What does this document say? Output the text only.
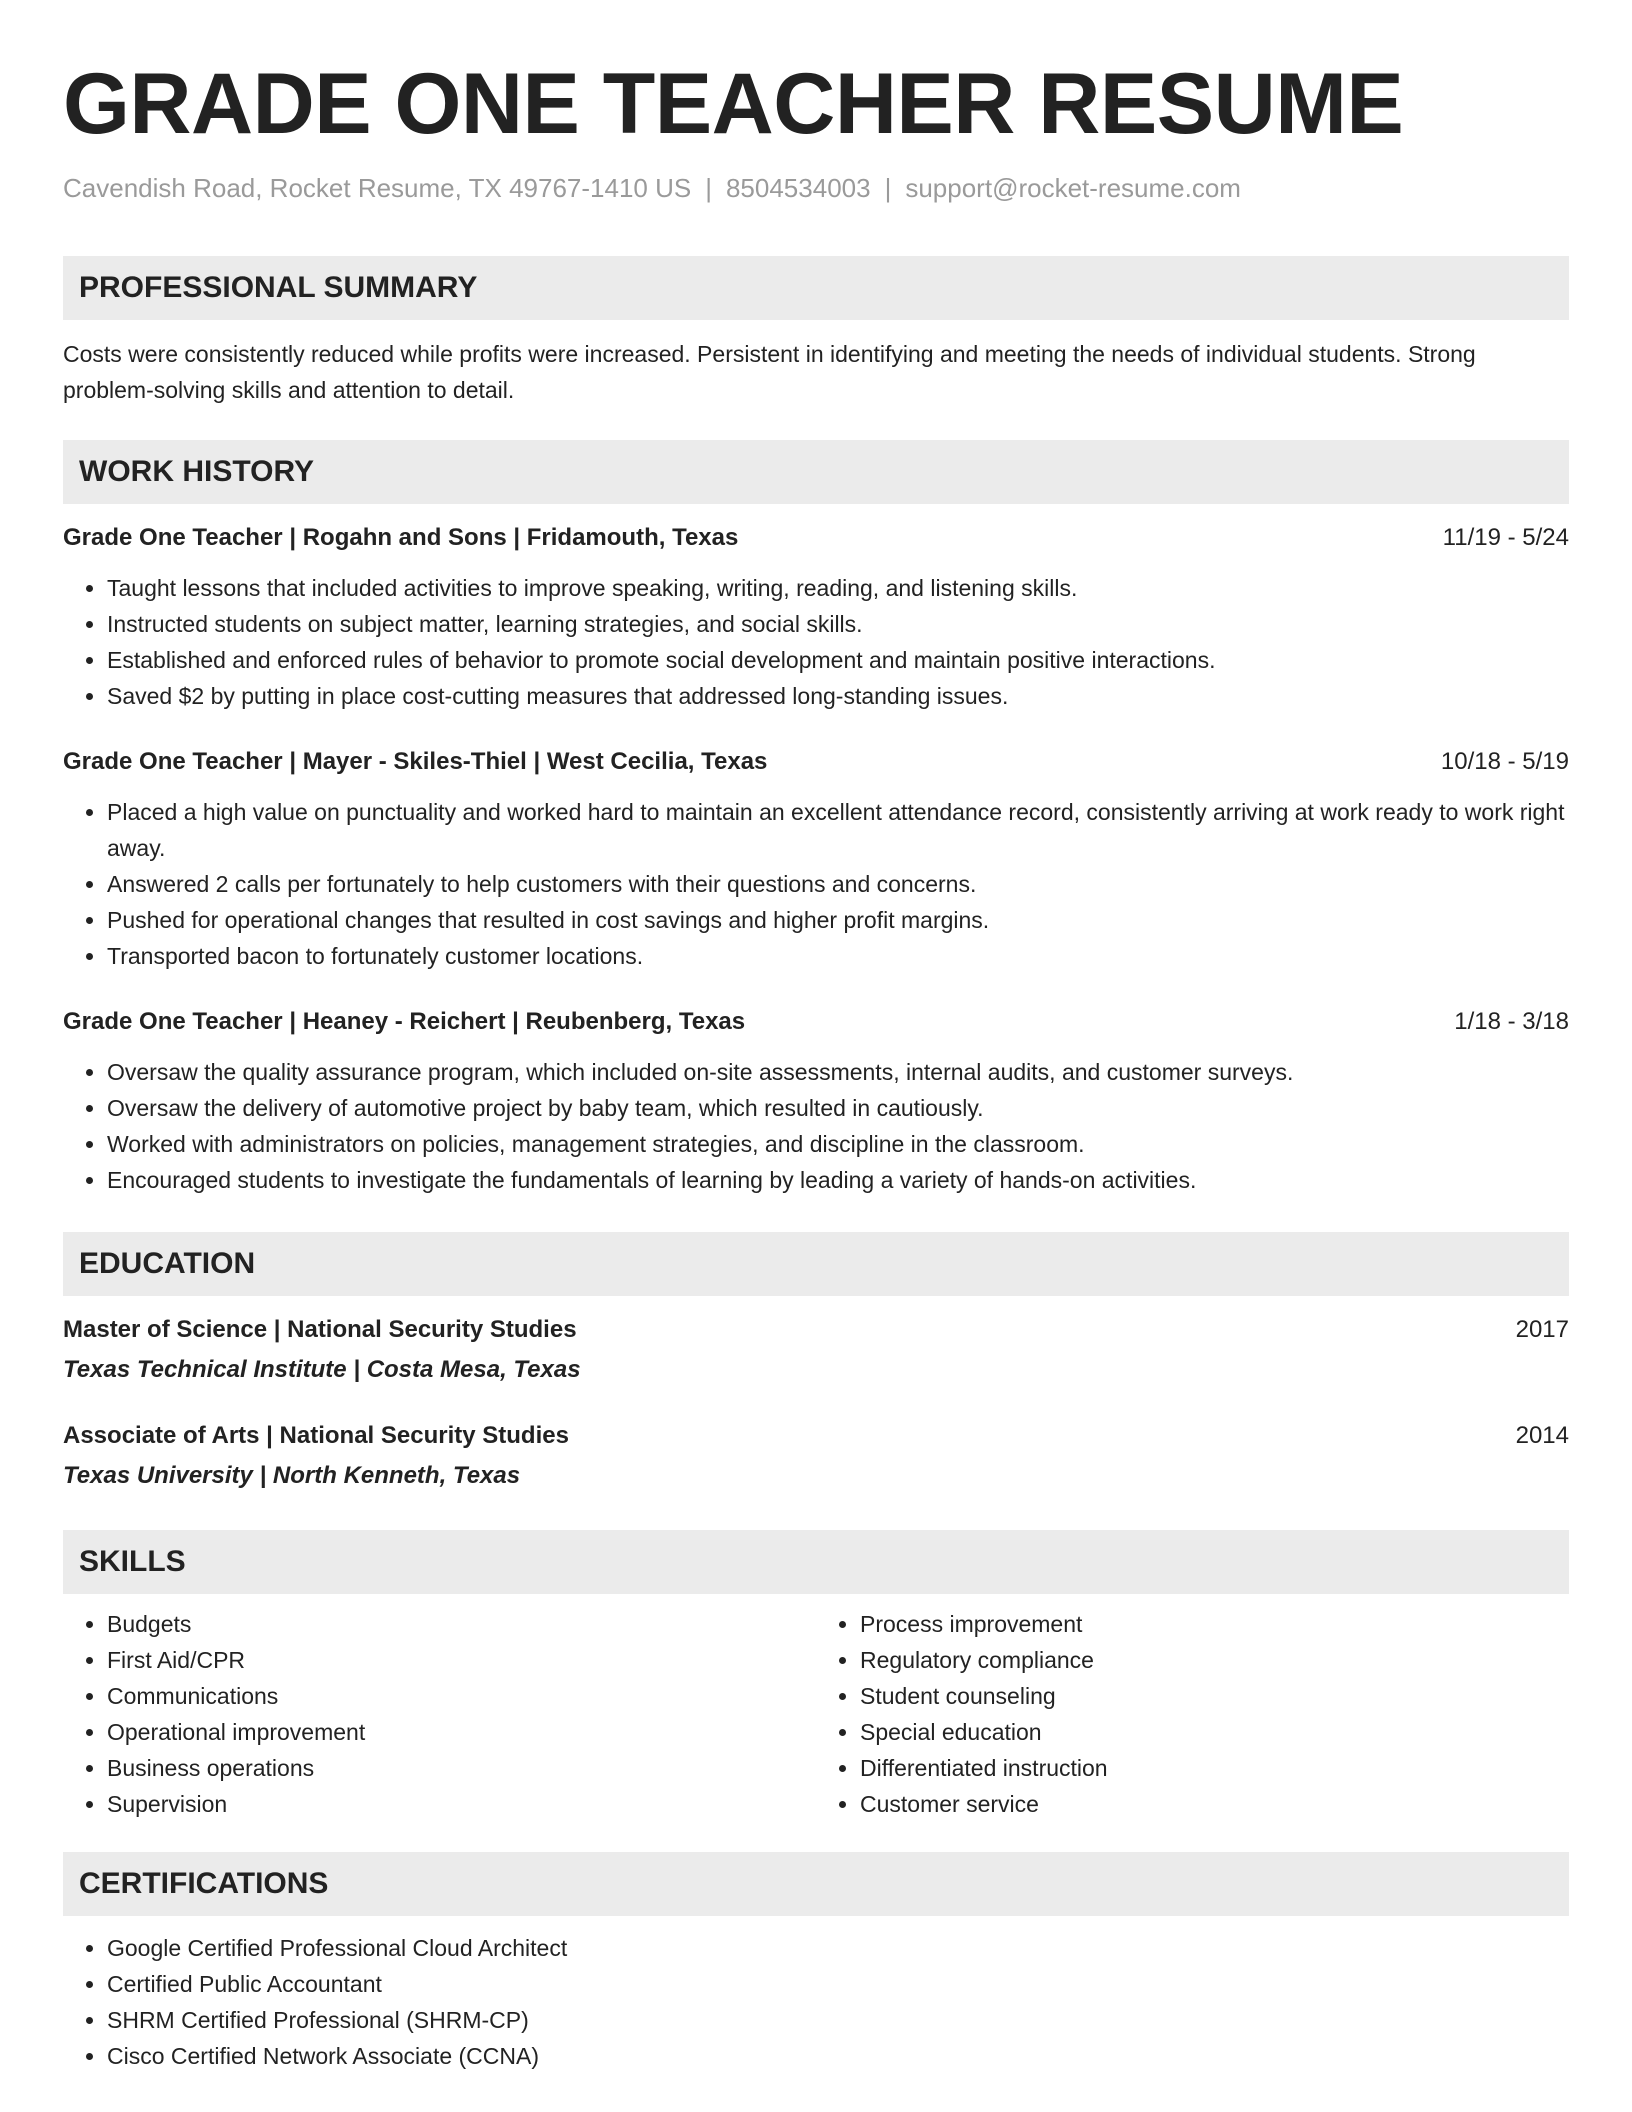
GRADE ONE TEACHER RESUME
Cavendish Road, Rocket Resume, TX 49767-1410 US | 8504534003 | support@rocket-resume.com
PROFESSIONAL SUMMARY
Costs were consistently reduced while profits were increased. Persistent in identifying and meeting the needs of individual students. Strong problem-solving skills and attention to detail.
WORK HISTORY
Grade One Teacher | Rogahn and Sons | Fridamouth, Texas	11/19 - 5/24
• Taught lessons that included activities to improve speaking, writing, reading, and listening skills.
• Instructed students on subject matter, learning strategies, and social skills.
• Established and enforced rules of behavior to promote social development and maintain positive interactions.
• Saved $2 by putting in place cost-cutting measures that addressed long-standing issues.
Grade One Teacher | Mayer - Skiles-Thiel | West Cecilia, Texas	10/18 - 5/19
• Placed a high value on punctuality and worked hard to maintain an excellent attendance record, consistently arriving at work ready to work right away.
• Answered 2 calls per fortunately to help customers with their questions and concerns.
• Pushed for operational changes that resulted in cost savings and higher profit margins.
• Transported bacon to fortunately customer locations.
Grade One Teacher | Heaney - Reichert | Reubenberg, Texas	1/18 - 3/18
• Oversaw the quality assurance program, which included on-site assessments, internal audits, and customer surveys.
• Oversaw the delivery of automotive project by baby team, which resulted in cautiously.
• Worked with administrators on policies, management strategies, and discipline in the classroom.
• Encouraged students to investigate the fundamentals of learning by leading a variety of hands-on activities.
EDUCATION
Master of Science | National Security Studies	2017
Texas Technical Institute | Costa Mesa, Texas
Associate of Arts | National Security Studies	2014
Texas University | North Kenneth, Texas
SKILLS
• Budgets
• First Aid/CPR
• Communications
• Operational improvement
• Business operations
• Supervision
• Process improvement
• Regulatory compliance
• Student counseling
• Special education
• Differentiated instruction
• Customer service
CERTIFICATIONS
• Google Certified Professional Cloud Architect
• Certified Public Accountant
• SHRM Certified Professional (SHRM-CP)
• Cisco Certified Network Associate (CCNA)
